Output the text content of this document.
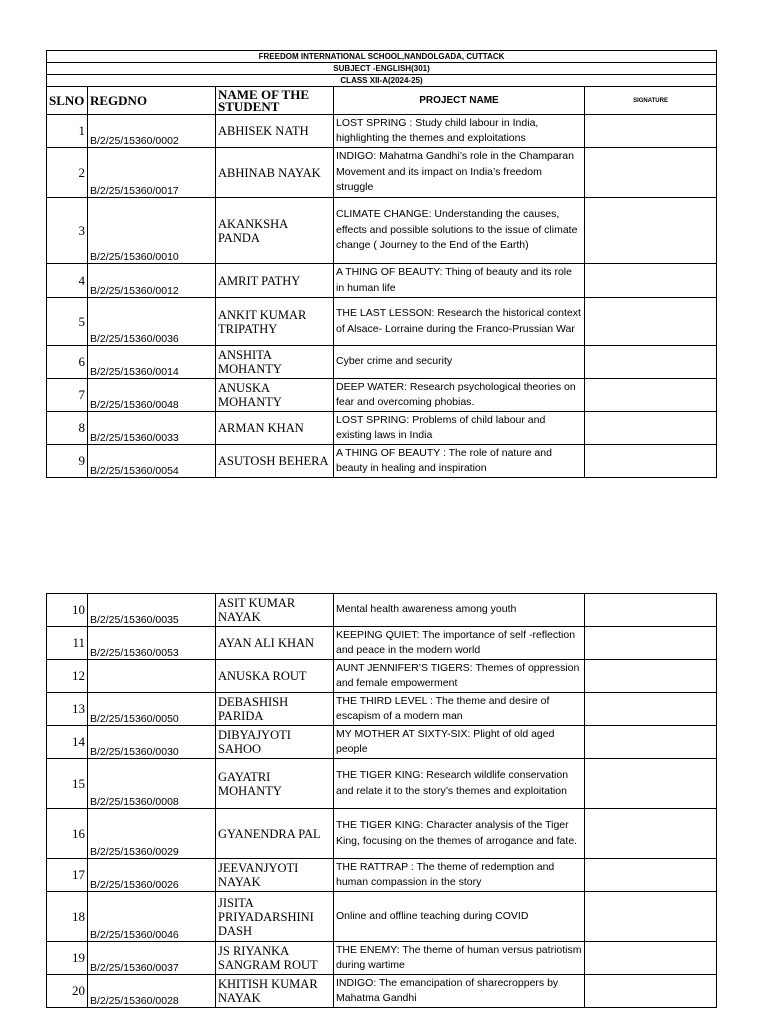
FREEDOM INTERNATIONAL SCHOOL,NANDOLGADA, CUTTACK				
SUBJECT -ENGLISH(301)				
CLASS XII-A(2024-25)				
SLNO	REGDNO	NAME OF THE STUDENT	PROJECT NAME	SIGNATURE
1	B/2/25/15360/0002	ABHISEK NATH	LOST SPRING : Study child labour in India, highlighting the themes and exploitations	
2	B/2/25/15360/0017	ABHINAB NAYAK	INDIGO: Mahatma Gandhi’s role in the Champaran Movement and its impact on India’s freedom struggle	
3	B/2/25/15360/0010	AKANKSHA PANDA	CLIMATE CHANGE: Understanding the causes, effects and possible solutions to the issue of climate change ( Journey to the End of the Earth)	
4	B/2/25/15360/0012	AMRIT PATHY	A THING OF BEAUTY: Thing of beauty and its role in human life	
5	B/2/25/15360/0036	ANKIT KUMAR TRIPATHY	THE LAST LESSON: Research the historical context of Alsace- Lorraine during the Franco-Prussian War	
6	B/2/25/15360/0014	ANSHITA MOHANTY	Cyber crime and security	
7	B/2/25/15360/0048	ANUSKA MOHANTY	DEEP WATER: Research psychological theories on fear and overcoming phobias.	
8	B/2/25/15360/0033	ARMAN KHAN	LOST SPRING: Problems of child labour and existing laws in India	
9	B/2/25/15360/0054	ASUTOSH BEHERA	A THING OF BEAUTY : The role of nature and beauty in healing and inspiration	
10	B/2/25/15360/0035	ASIT KUMAR NAYAK	Mental health awareness among youth	
11	B/2/25/15360/0053	AYAN ALI KHAN	KEEPING QUIET: The importance of self -reflection and peace in the modern world	
12		ANUSKA ROUT	AUNT JENNIFER’S TIGERS: Themes of oppression and female empowerment	
13	B/2/25/15360/0050	DEBASHISH PARIDA	THE THIRD LEVEL : The theme and desire of escapism of a modern man	
14	B/2/25/15360/0030	DIBYAJYOTI SAHOO	MY MOTHER AT SIXTY-SIX: Plight of old aged people	
15	B/2/25/15360/0008	GAYATRI MOHANTY	THE TIGER KING: Research wildlife conservation and relate it to the story’s themes and exploitation	
16	B/2/25/15360/0029	GYANENDRA PAL	THE TIGER KING: Character analysis of the Tiger King, focusing on the themes of arrogance and fate.	
17	B/2/25/15360/0026	JEEVANJYOTI NAYAK	THE RATTRAP : The theme of redemption and human compassion in the story	
18	B/2/25/15360/0046	JISITA PRIYADARSHINI DASH	Online and offline teaching during COVID	
19	B/2/25/15360/0037	JS RIYANKA SANGRAM ROUT	THE ENEMY: The theme of human versus patriotism during wartime	
20	B/2/25/15360/0028	KHITISH KUMAR NAYAK	INDIGO: The emancipation of sharecroppers by Mahatma Gandhi	
